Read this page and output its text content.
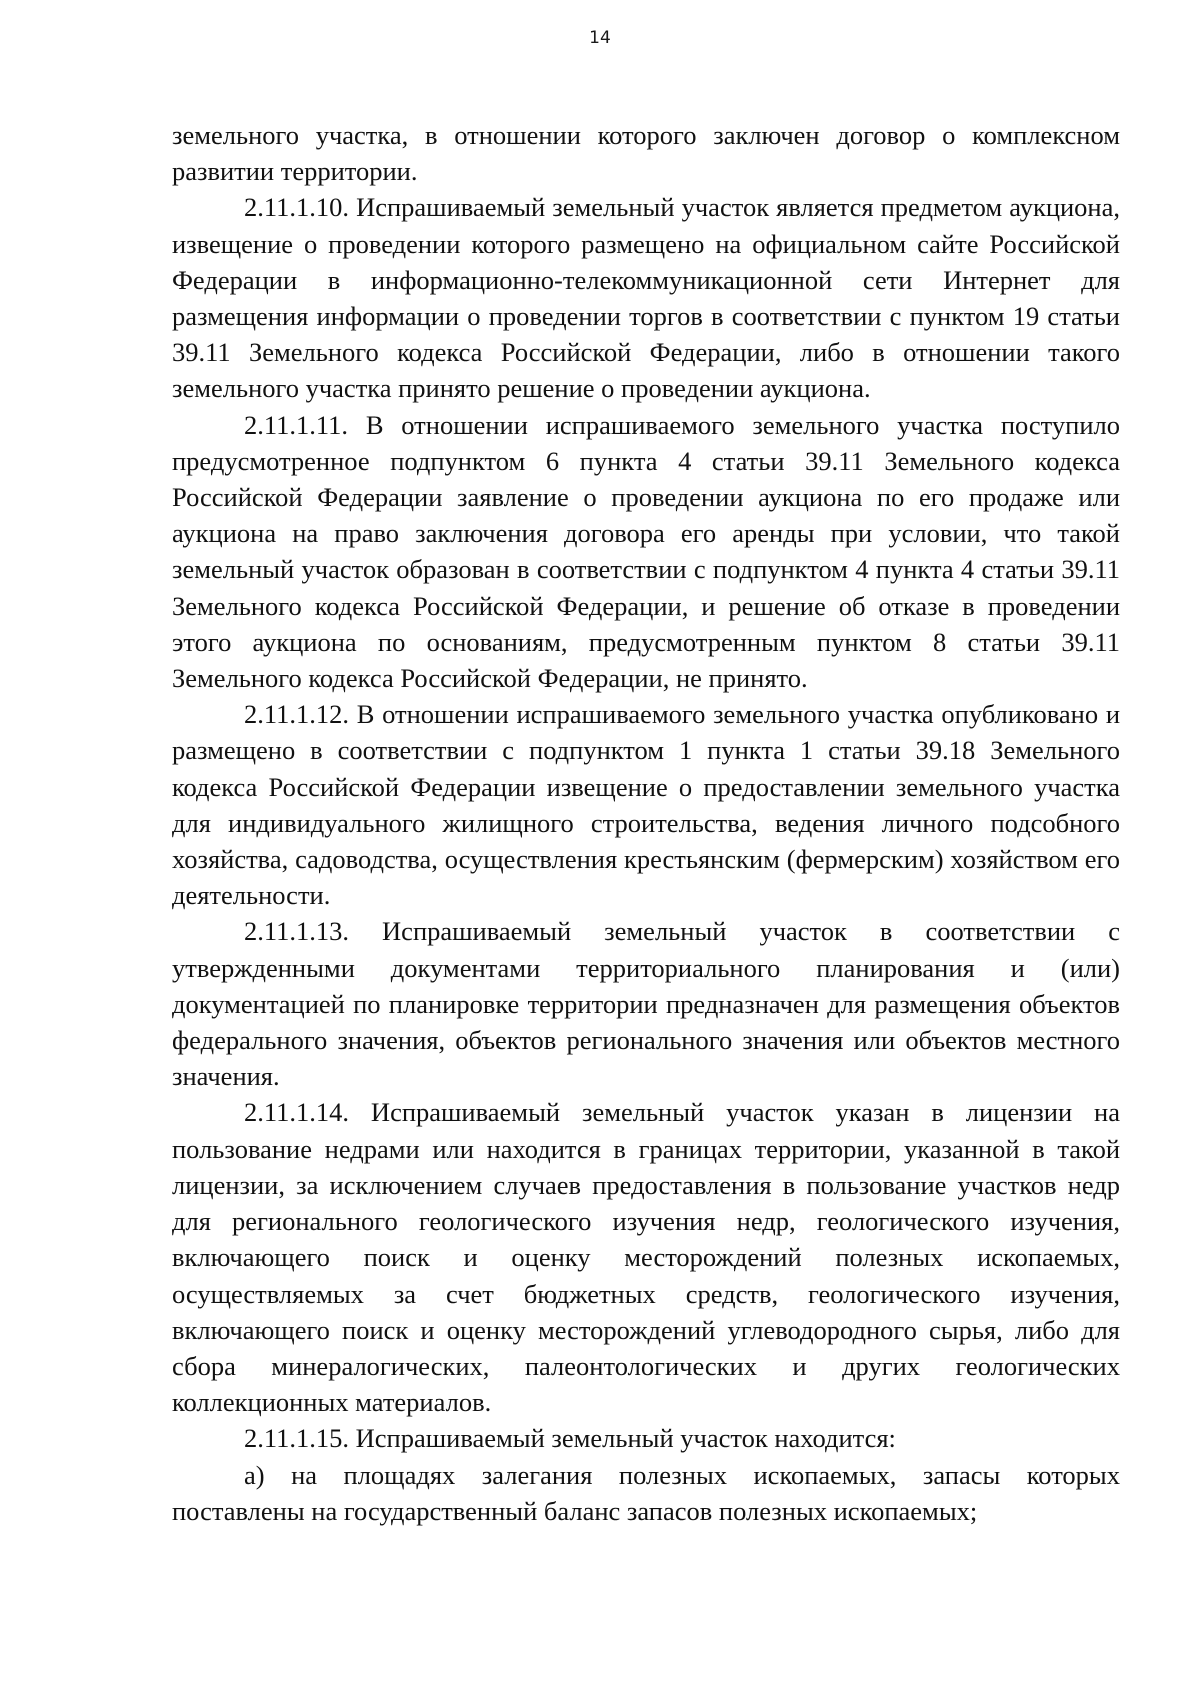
14

земельного участка, в отношении которого заключен договор о комплексном развитии территории.

2.11.1.10. Испрашиваемый земельный участок является предметом аукциона, извещение о проведении которого размещено на официальном сайте Российской Федерации в информационно-телекоммуникационной сети Интернет для размещения информации о проведении торгов в соответствии с пунктом 19 статьи 39.11 Земельного кодекса Российской Федерации, либо в отношении такого земельного участка принято решение о проведении аукциона.

2.11.1.11. В отношении испрашиваемого земельного участка поступило предусмотренное подпунктом 6 пункта 4 статьи 39.11 Земельного кодекса Российской Федерации заявление о проведении аукциона по его продаже или аукциона на право заключения договора его аренды при условии, что такой земельный участок образован в соответствии с подпунктом 4 пункта 4 статьи 39.11 Земельного кодекса Российской Федерации, и решение об отказе в проведении этого аукциона по основаниям, предусмотренным пунктом 8 статьи 39.11 Земельного кодекса Российской Федерации, не принято.

2.11.1.12. В отношении испрашиваемого земельного участка опубликовано и размещено в соответствии с подпунктом 1 пункта 1 статьи 39.18 Земельного кодекса Российской Федерации извещение о предоставлении земельного участка для индивидуального жилищного строительства, ведения личного подсобного хозяйства, садоводства, осуществления крестьянским (фермерским) хозяйством его деятельности.

2.11.1.13. Испрашиваемый земельный участок в соответствии с утвержденными документами территориального планирования и (или) документацией по планировке территории предназначен для размещения объектов федерального значения, объектов регионального значения или объектов местного значения.

2.11.1.14. Испрашиваемый земельный участок указан в лицензии на пользование недрами или находится в границах территории, указанной в такой лицензии, за исключением случаев предоставления в пользование участков недр для регионального геологического изучения недр, геологического изучения, включающего поиск и оценку месторождений полезных ископаемых, осуществляемых за счет бюджетных средств, геологического изучения, включающего поиск и оценку месторождений углеводородного сырья, либо для сбора минералогических, палеонтологических и других геологических коллекционных материалов.

2.11.1.15. Испрашиваемый земельный участок находится:

а) на площадях залегания полезных ископаемых, запасы которых поставлены на государственный баланс запасов полезных ископаемых;
